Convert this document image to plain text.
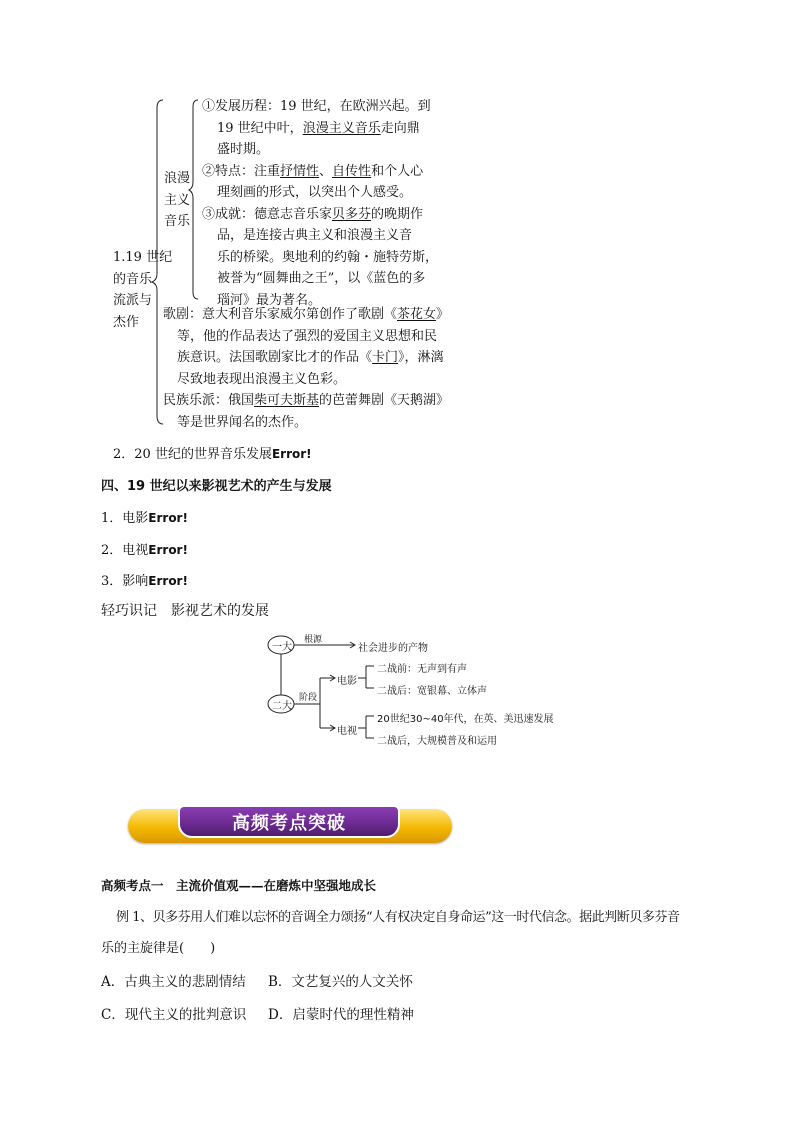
1.19 世纪
的音乐
流派与
杰作
浪漫
主义
音乐
①发展历程：19 世纪，在欧洲兴起。到
19 世纪中叶，浪漫主义音乐走向鼎
盛时期。
②特点：注重抒情性、自传性和个人心
理刻画的形式，以突出个人感受。
③成就：德意志音乐家贝多芬的晚期作
品，是连接古典主义和浪漫主义音
乐的桥梁。奥地利的约翰・施特劳斯，
被誉为“圆舞曲之王”，以《蓝色的多
瑙河》最为著名。
歌剧：意大利音乐家威尔第创作了歌剧《茶花女》
等，他的作品表达了强烈的爱国主义思想和民
族意识。法国歌剧家比才的作品《卡门》，淋漓
尽致地表现出浪漫主义色彩。
民族乐派：俄国柴可夫斯基的芭蕾舞剧《天鹅湖》
等是世界闻名的杰作。
2．20 世纪的世界音乐发展Error!
四、19 世纪以来影视艺术的产生与发展
1．电影Error!
2．电视Error!
3．影响Error!
轻巧识记　影视艺术的发展
一大
二大
根源
社会进步的产物
阶段
电影
电视
二战前：无声到有声
二战后：宽银幕、立体声
20世纪30~40年代，在英、美迅速发展
二战后，大规模普及和运用
高频考点突破
高频考点一　主流价值观——在磨炼中坚强地成长
例 1、贝多芬用人们难以忘怀的音调全力颂扬“人有权决定自身命运”这一时代信念。据此判断贝多芬音
乐的主旋律是(　　)
A．古典主义的悲剧情结 B．文艺复兴的人文关怀
C．现代主义的批判意识 D．启蒙时代的理性精神
